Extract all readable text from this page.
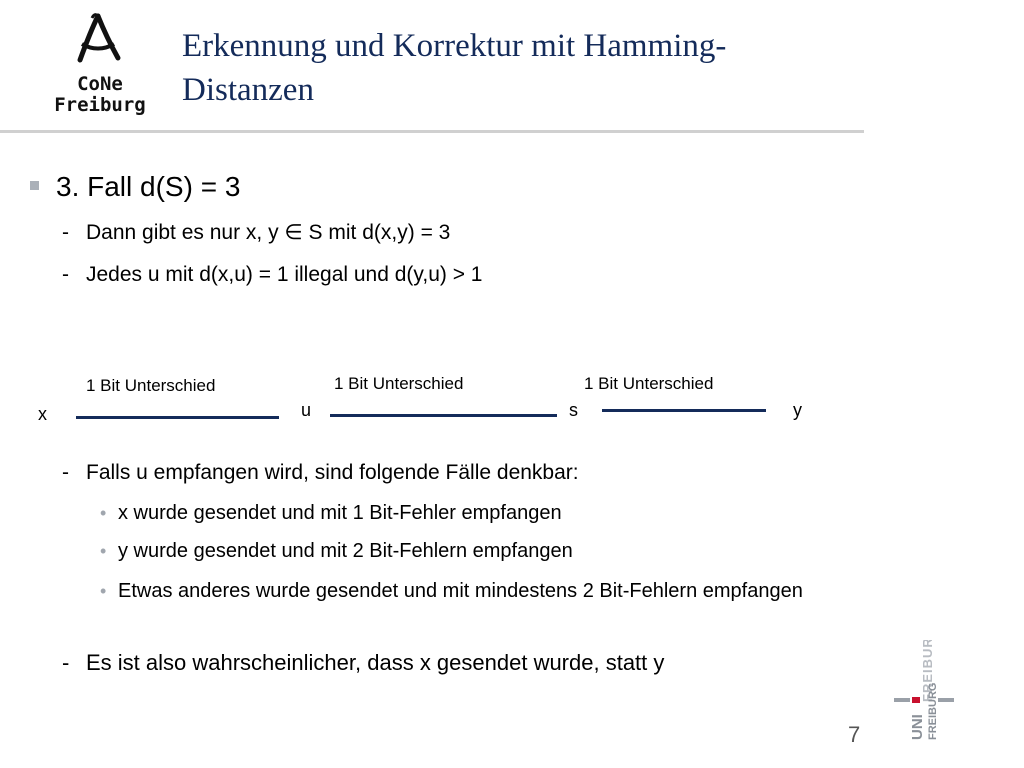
CoNe
Freiburg
Erkennung und Korrektur mit Hamming-Distanzen
3. Fall d(S) = 3
- Dann gibt es nur x, y ∈ S mit d(x,y) = 3
- Jedes u mit d(x,u) = 1 illegal und d(y,u) > 1
1 Bit Unterschied	1 Bit Unterschied	1 Bit Unterschied
x	u	s	y
- Falls u empfangen wird, sind folgende Fälle denkbar:
• x wurde gesendet und mit 1 Bit-Fehler empfangen
• y wurde gesendet und mit 2 Bit-Fehlern empfangen
• Etwas anderes wurde gesendet und mit mindestens 2 Bit-Fehlern empfangen
- Es ist also wahrscheinlicher, dass x gesendet wurde, statt y	FREIBURG
UNI FREIBURG
7
